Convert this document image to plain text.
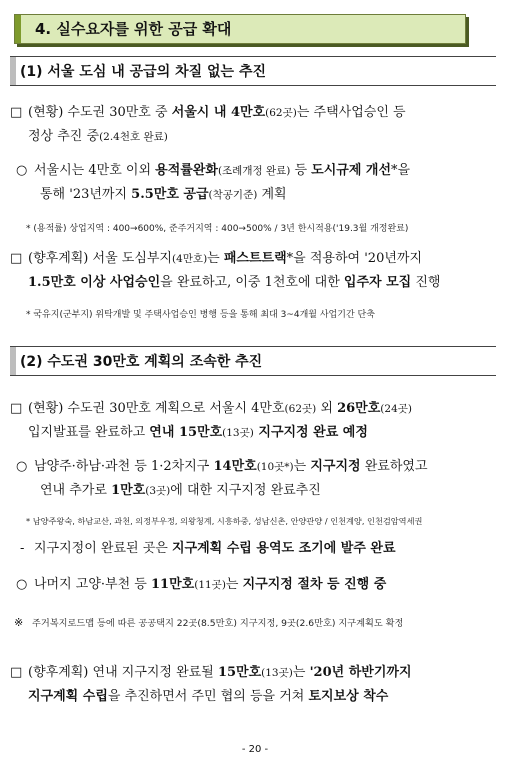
4. 실수요자를 위한 공급 확대
(1) 서울 도심 내 공급의 차질 없는 추진
□ (현황) 수도권 30만호 중 서울시 내 4만호(62곳)는 주택사업승인 등
정상 추진 중(2.4천호 완료)
○ 서울시는 4만호 이외 용적률완화(조례개정 완료) 등 도시규제 개선*을
통해 '23년까지 5.5만호 공급(착공기준) 계획
* (용적률) 상업지역 : 400→600%, 준주거지역 : 400→500% / 3년 한시적용('19.3월 개정완료)
□ (향후계획) 서울 도심부지(4만호)는 패스트트랙*을 적용하여 '20년까지
1.5만호 이상 사업승인을 완료하고, 이중 1천호에 대한 입주자 모집 진행
* 국유지(군부지) 위탁개발 및 주택사업승인 병행 등을 통해 최대 3~4개월 사업기간 단축
(2) 수도권 30만호 계획의 조속한 추진
□ (현황) 수도권 30만호 계획으로 서울시 4만호(62곳) 외 26만호(24곳)
입지발표를 완료하고 연내 15만호(13곳) 지구지정 완료 예정
○ 남양주·하남·과천 등 1·2차지구 14만호(10곳*)는 지구지정 완료하였고
연내 추가로 1만호(3곳)에 대한 지구지정 완료추진
* 남양주왕숙, 하남교산, 과천, 의정부우정, 의왕청계, 시흥하중, 성남신촌, 안양관양 / 인천계양, 인천검암역세권
- 지구지정이 완료된 곳은 지구계획 수립 용역도 조기에 발주 완료
○ 나머지 고양·부천 등 11만호(11곳)는 지구지정 절차 등 진행 중
※ 주거복지로드맵 등에 따른 공공택지 22곳(8.5만호) 지구지정, 9곳(2.6만호) 지구계획도 확정
□ (향후계획) 연내 지구지정 완료될 15만호(13곳)는 '20년 하반기까지
지구계획 수립을 추진하면서 주민 협의 등을 거쳐 토지보상 착수
- 20 -
